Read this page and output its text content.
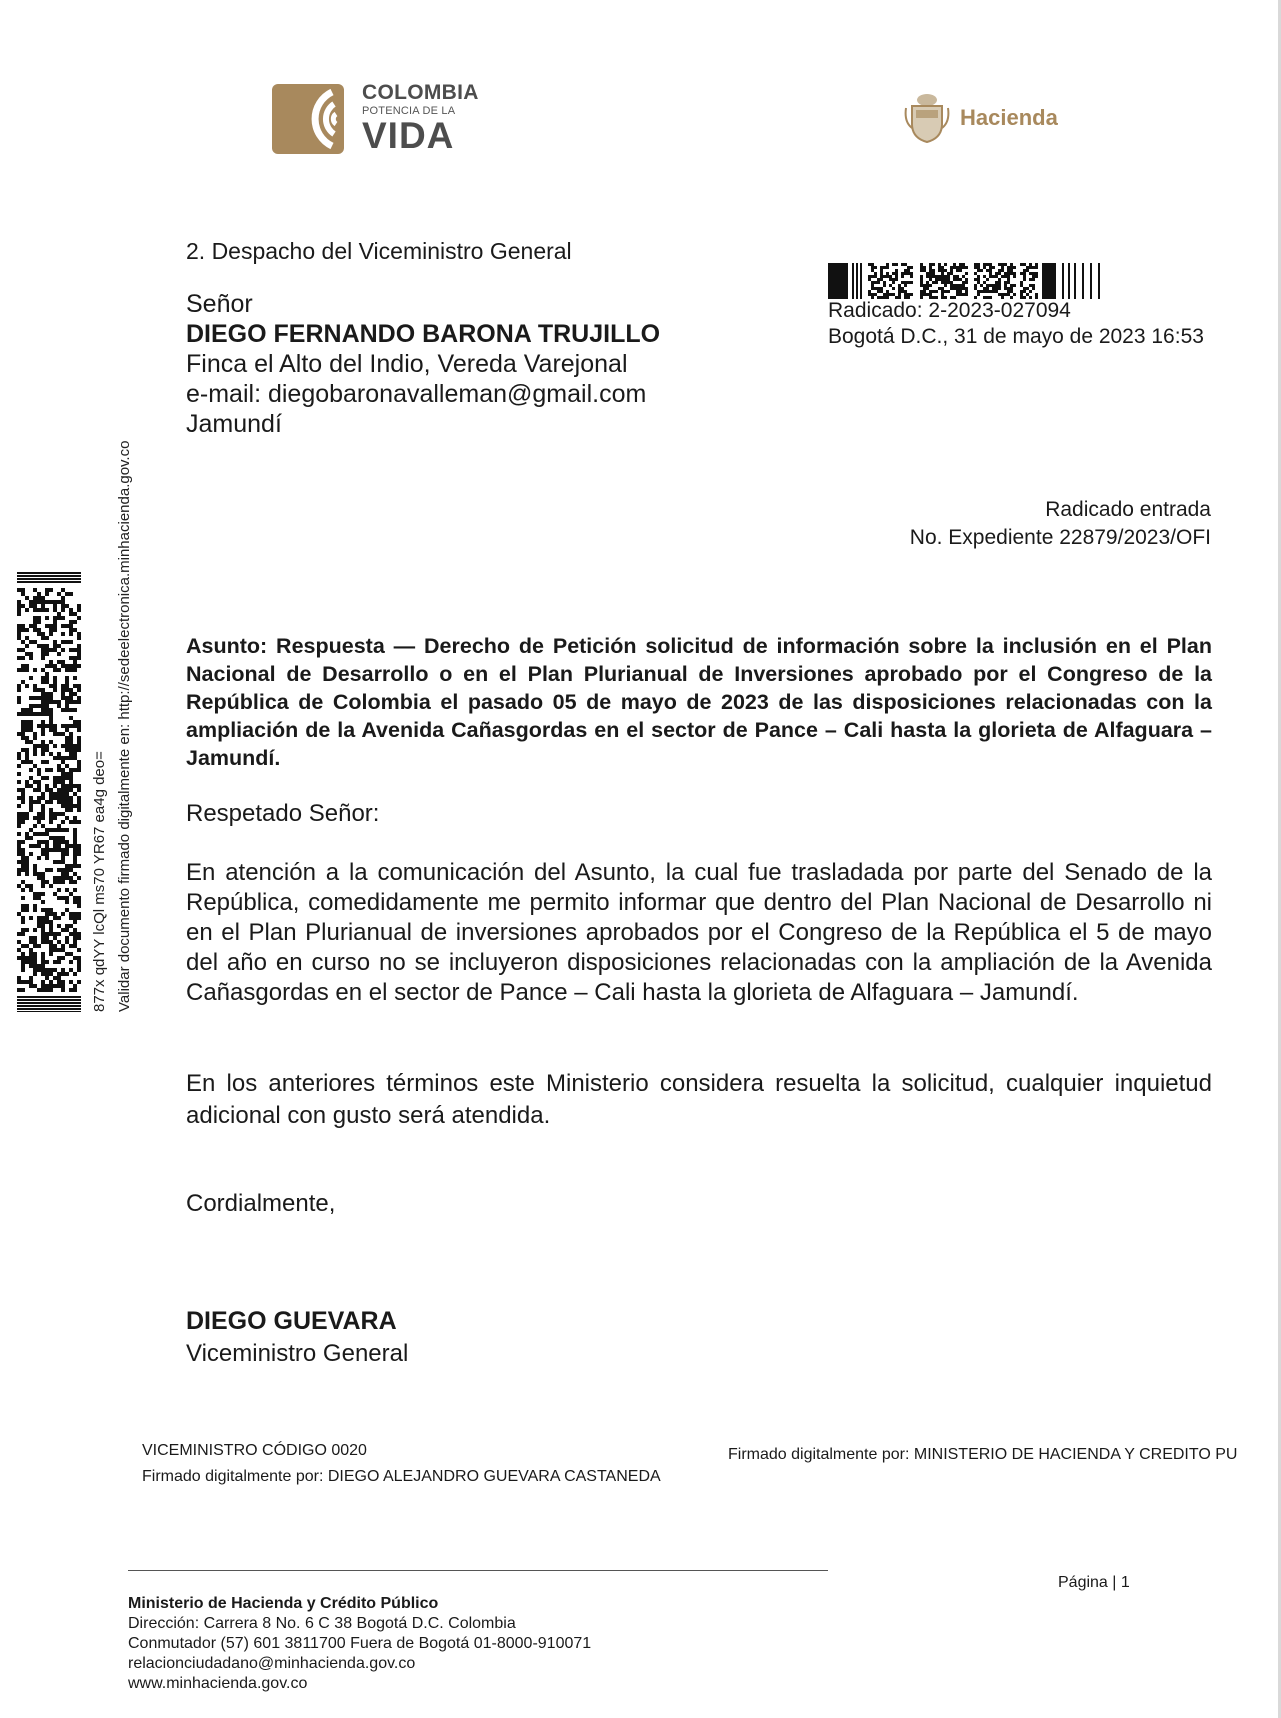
COLOMBIA
POTENCIA DE LA
VIDA	Hacienda
877x qdYY lcQl ms70 YR67 ea4g deo= Validar documento firmado digitalmente en: http://sedeelectronica.minhacienda.gov.co
2. Despacho del Viceministro General
Señor
DIEGO FERNANDO BARONA TRUJILLO
Finca el Alto del Indio, Vereda Varejonal
e-mail: diegobaronavalleman@gmail.com
Jamundí
Radicado: 2-2023-027094
Bogotá D.C., 31 de mayo de 2023 16:53
Radicado entrada
No. Expediente 22879/2023/OFI
Asunto: Respuesta — Derecho de Petición solicitud de información sobre la inclusión en el Plan Nacional de Desarrollo o en el Plan Plurianual de Inversiones aprobado por el Congreso de la República de Colombia el pasado 05 de mayo de 2023 de las disposiciones relacionadas con la ampliación de la Avenida Cañasgordas en el sector de Pance – Cali hasta la glorieta de Alfaguara – Jamundí.
Respetado Señor:
En atención a la comunicación del Asunto, la cual fue trasladada por parte del Senado de la República, comedidamente me permito informar que dentro del Plan Nacional de Desarrollo ni en el Plan Plurianual de inversiones aprobados por el Congreso de la República el 5 de mayo del año en curso no se incluyeron disposiciones relacionadas con la ampliación de la Avenida Cañasgordas en el sector de Pance – Cali hasta la glorieta de Alfaguara – Jamundí.
En los anteriores términos este Ministerio considera resuelta la solicitud, cualquier inquietud adicional con gusto será atendida.
Cordialmente,
DIEGO GUEVARA
Viceministro General
VICEMINISTRO CÓDIGO 0020
Firmado digitalmente por: DIEGO ALEJANDRO GUEVARA CASTANEDA
Firmado digitalmente por: MINISTERIO DE HACIENDA Y CREDITO PU
Página | 1
Ministerio de Hacienda y Crédito Público
Dirección: Carrera 8 No. 6 C 38 Bogotá D.C. Colombia
Conmutador (57) 601 3811700 Fuera de Bogotá 01-8000-910071
relacionciudadano@minhacienda.gov.co
www.minhacienda.gov.co
